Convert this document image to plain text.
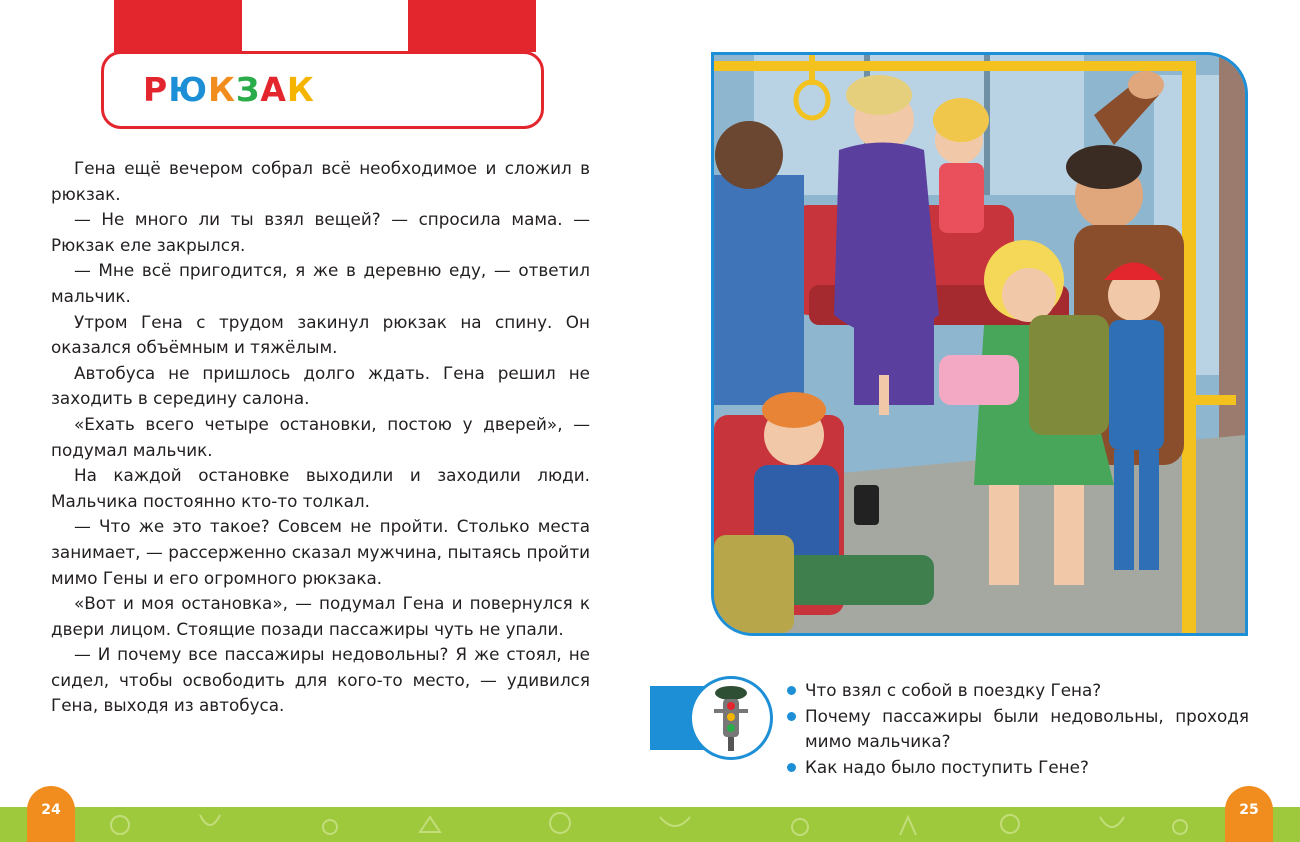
РЮКЗАК

Гена ещё вечером собрал всё необходимое и сложил в рюкзак.

— Не много ли ты взял вещей? — спросила мама. — Рюкзак еле закрылся.

— Мне всё пригодится, я же в деревню еду, — ответил мальчик.

Утром Гена с трудом закинул рюкзак на спину. Он оказался объёмным и тяжёлым.

Автобуса не пришлось долго ждать. Гена решил не заходить в середину салона.

«Ехать всего четыре остановки, постою у дверей», — подумал мальчик.

На каждой остановке выходили и заходили люди. Мальчика постоянно кто-то толкал.

— Что же это такое? Совсем не пройти. Столько места занимает, — рассерженно сказал мужчина, пытаясь пройти мимо Гены и его огромного рюкзака.

«Вот и моя остановка», — подумал Гена и повернулся к двери лицом. Стоящие позади пассажиры чуть не упали.

— И почему все пассажиры недовольны? Я же стоял, не сидел, чтобы освободить для кого-то место, — удивился Гена, выходя из автобуса.

Что взял с собой в поездку Гена?
Почему пассажиры были недовольны, проходя мимо мальчика?
Как надо было поступить Гене?
24	25
